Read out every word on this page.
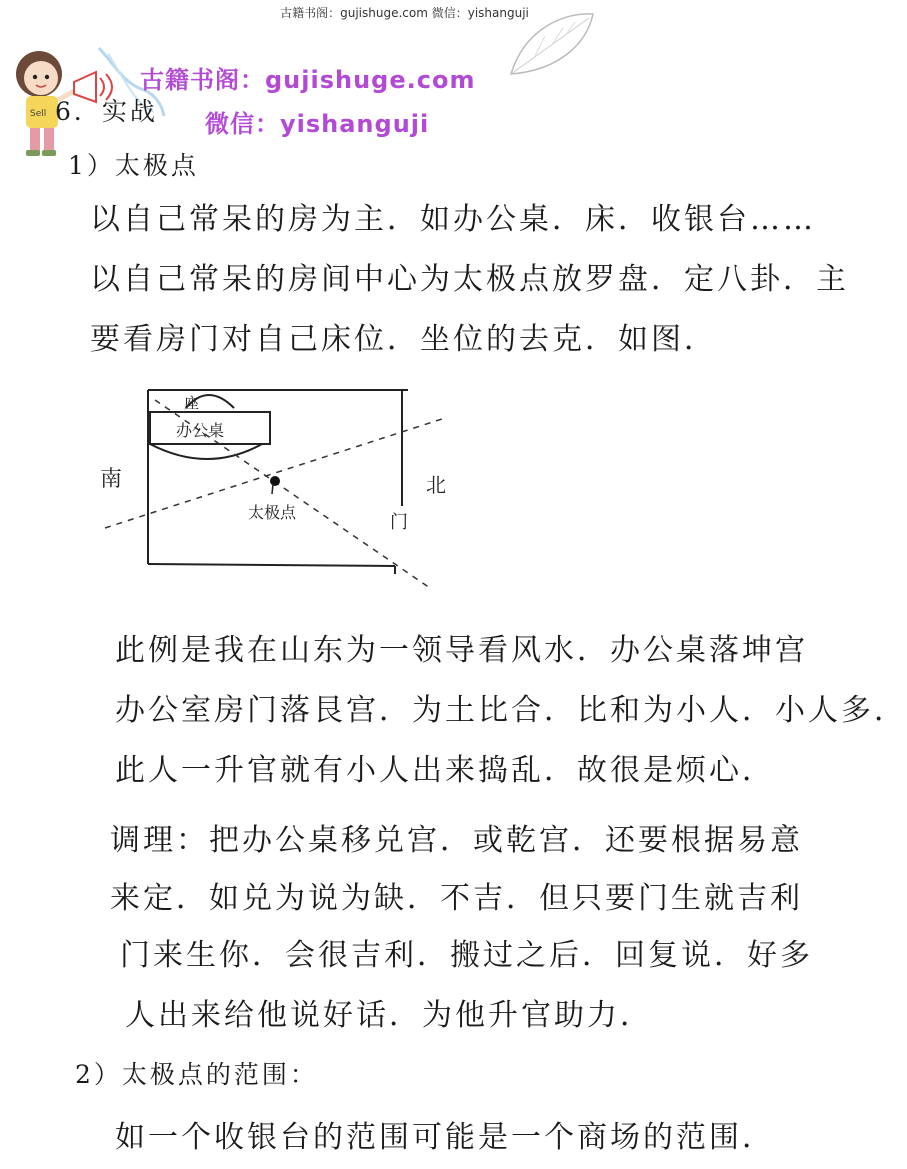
古籍书阁：gujishuge.com 微信：yishanguji
Sell
古籍书阁：gujishuge.com
微信：yishanguji
6．实战
1）太极点
以自己常呆的房为主．如办公桌．床．收银台……
以自己常呆的房间中心为太极点放罗盘．定八卦．主
要看房门对自己床位．坐位的去克．如图．
座
办公桌
南	北
太极点	门
此例是我在山东为一领导看风水．办公桌落坤宫
办公室房门落艮宫．为土比合．比和为小人．小人多．
此人一升官就有小人出来捣乱．故很是烦心．
调理：把办公桌移兑宫．或乾宫．还要根据易意
来定．如兑为说为缺．不吉．但只要门生就吉利
门来生你．会很吉利．搬过之后．回复说．好多
人出来给他说好话．为他升官助力．
2）太极点的范围：
如一个收银台的范围可能是一个商场的范围．
